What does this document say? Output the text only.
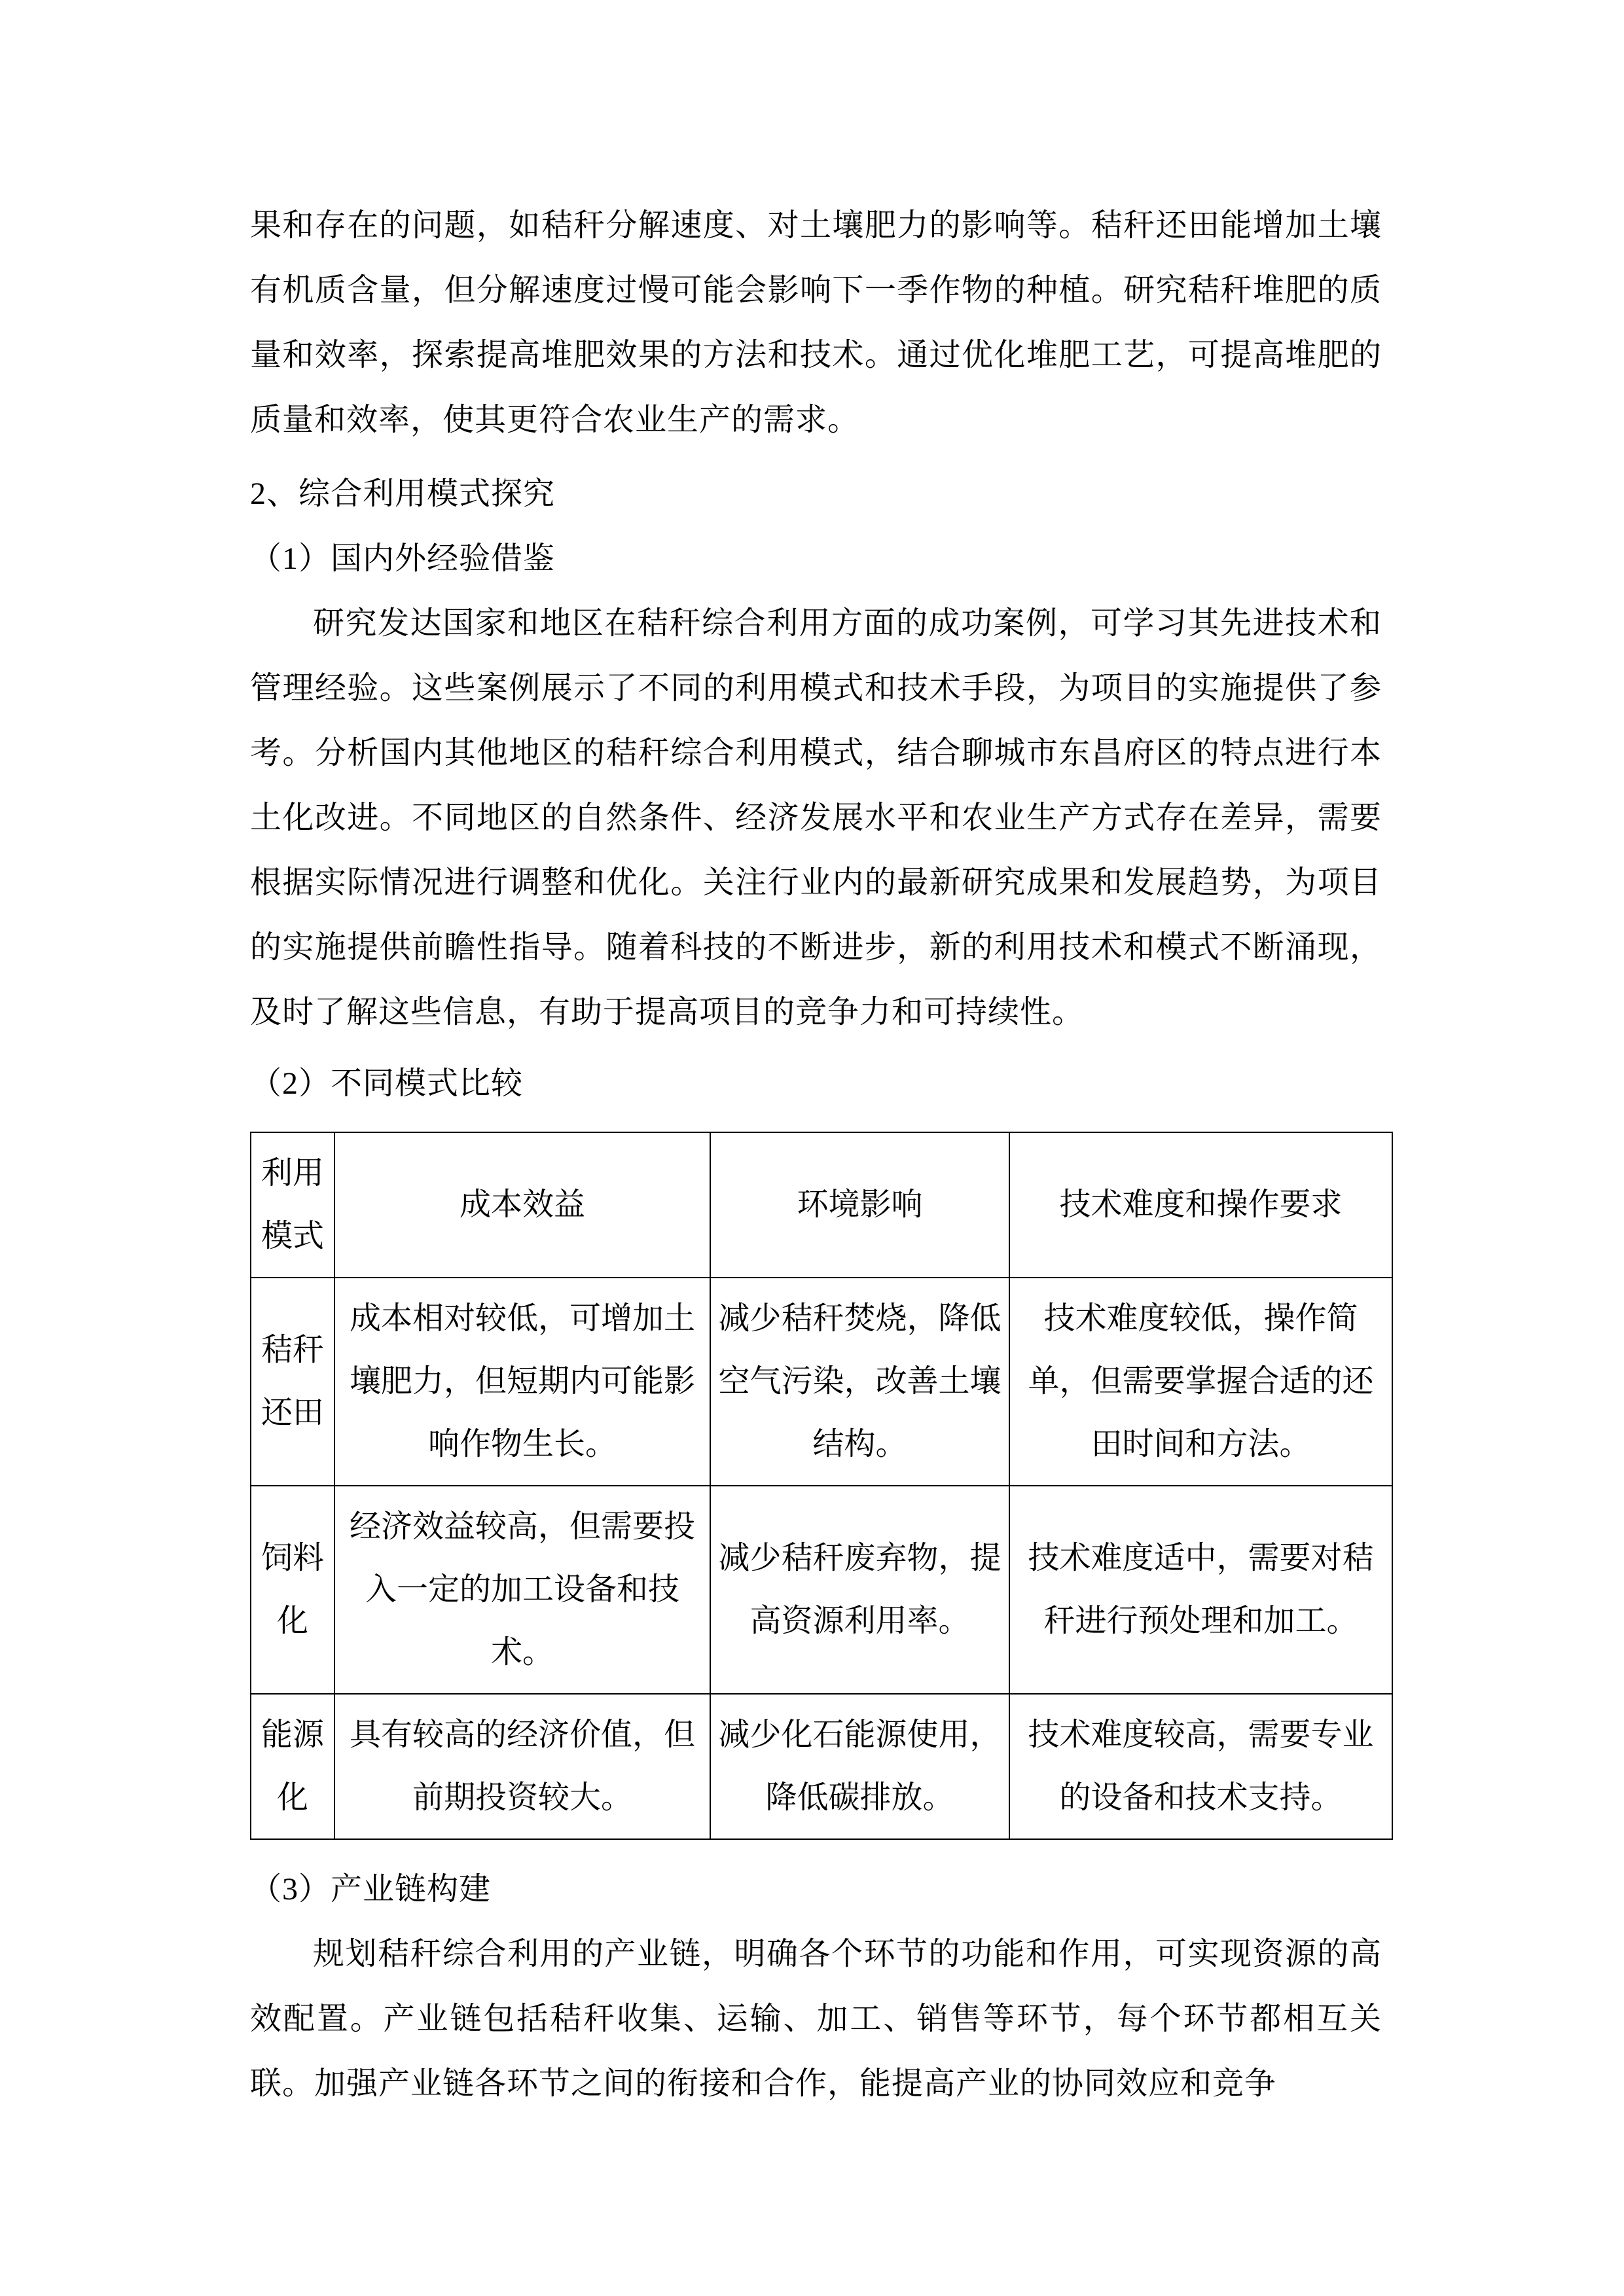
果和存在的问题，如秸秆分解速度、对土壤肥力的影响等。秸秆还田能增加土壤有机质含量，但分解速度过慢可能会影响下一季作物的种植。研究秸秆堆肥的质量和效率，探索提高堆肥效果的方法和技术。通过优化堆肥工艺，可提高堆肥的质量和效率，使其更符合农业生产的需求。

2、综合利用模式探究
（1）国内外经验借鉴

研究发达国家和地区在秸秆综合利用方面的成功案例，可学习其先进技术和管理经验。这些案例展示了不同的利用模式和技术手段，为项目的实施提供了参考。分析国内其他地区的秸秆综合利用模式，结合聊城市东昌府区的特点进行本土化改进。不同地区的自然条件、经济发展水平和农业生产方式存在差异，需要根据实际情况进行调整和优化。关注行业内的最新研究成果和发展趋势，为项目的实施提供前瞻性指导。随着科技的不断进步，新的利用技术和模式不断涌现，及时了解这些信息，有助于提高项目的竞争力和可持续性。

（2）不同模式比较
利用模式	成本效益	环境影响	技术难度和操作要求
秸秆还田	成本相对较低，可增加土壤肥力，但短期内可能影响作物生长。	减少秸秆焚烧，降低空气污染，改善土壤结构。	技术难度较低，操作简单，但需要掌握合适的还田时间和方法。
饲料化	经济效益较高，但需要投入一定的加工设备和技术。	减少秸秆废弃物，提高资源利用率。	技术难度适中，需要对秸秆进行预处理和加工。
能源化	具有较高的经济价值，但前期投资较大。	减少化石能源使用，降低碳排放。	技术难度较高，需要专业的设备和技术支持。
（3）产业链构建

规划秸秆综合利用的产业链，明确各个环节的功能和作用，可实现资源的高效配置。产业链包括秸秆收集、运输、加工、销售等环节，每个环节都相互关联。加强产业链各环节之间的衔接和合作，能提高产业的协同效应和竞争
